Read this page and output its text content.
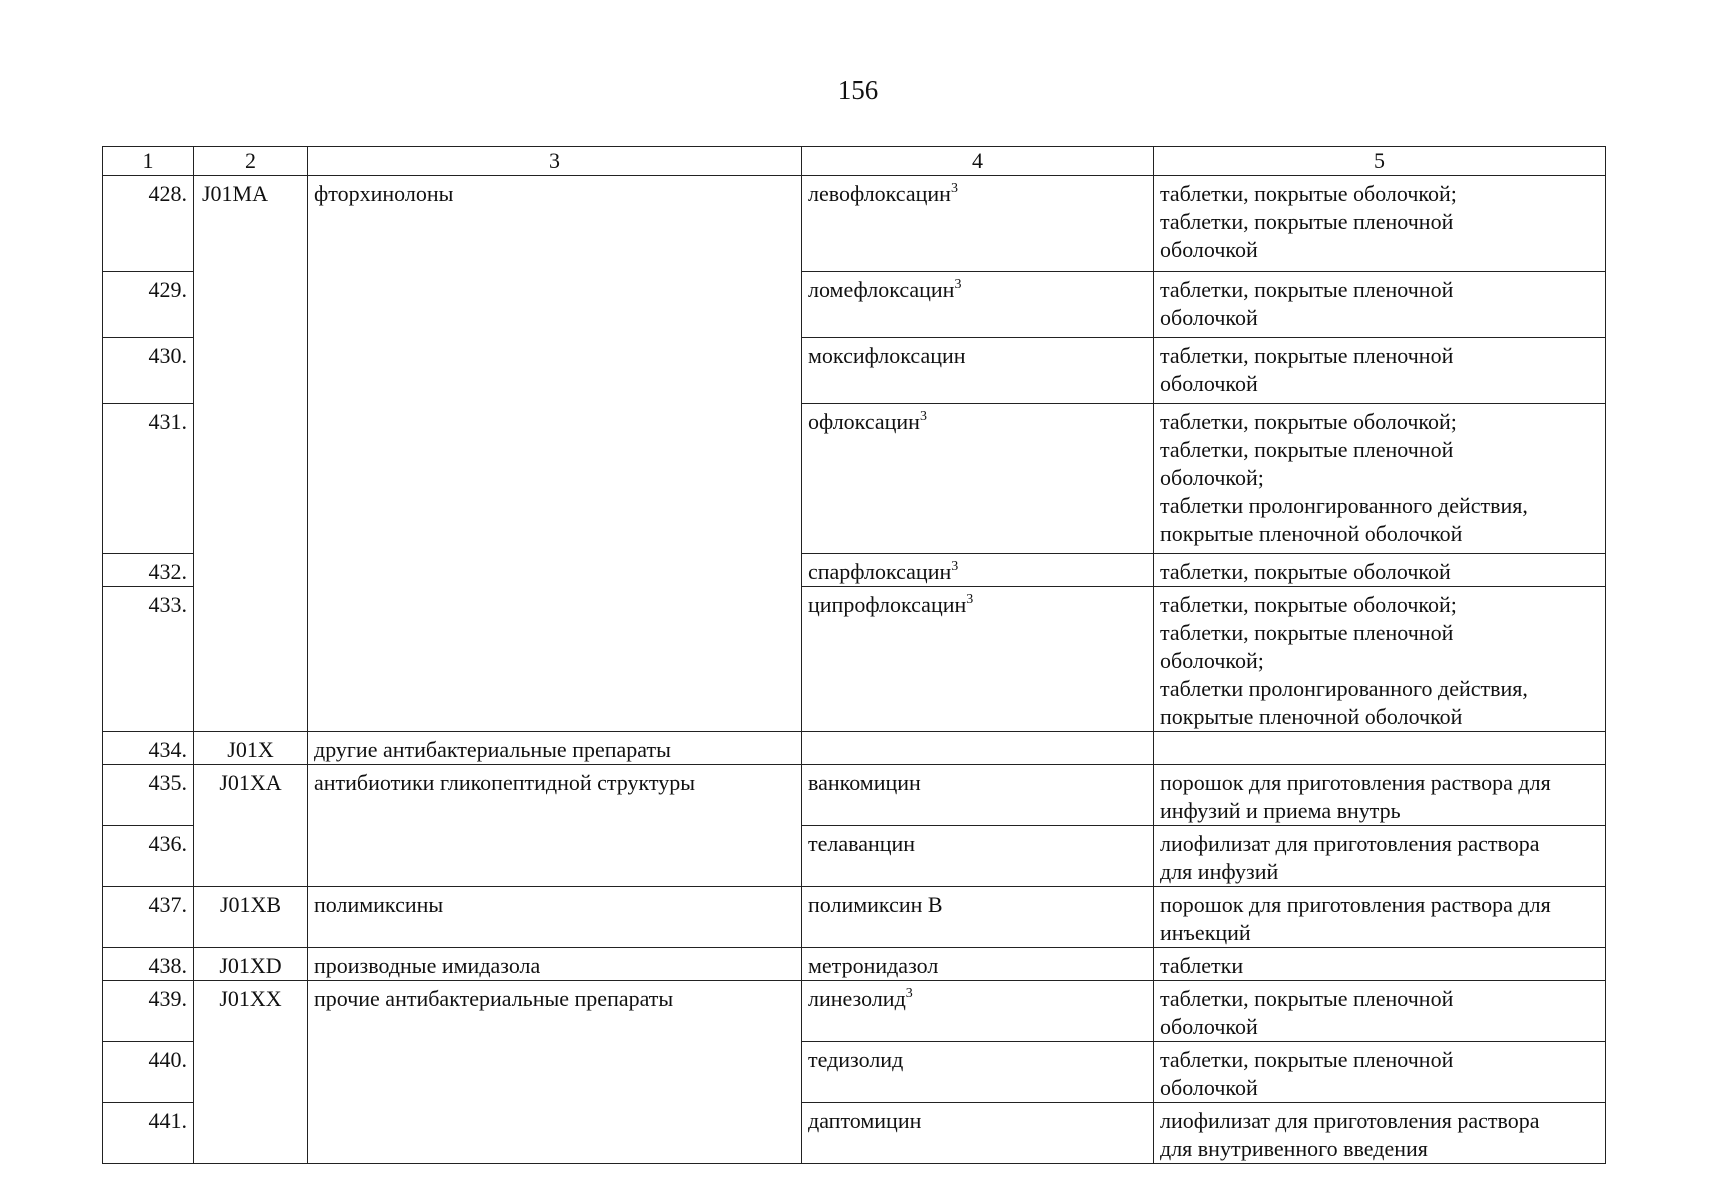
156
1	2	3	4	5
428.	J01MA	фторхинолоны	левофлоксацин$^3$	таблетки, покрытые оболочкой;
таблетки, покрытые пленочной
оболочкой

429.			ломефлоксацин$^3$	таблетки, покрытые пленочной
оболочкой

430.			моксифлоксацин	таблетки, покрытые пленочной
оболочкой

431.			офлоксацин$^3$	таблетки, покрытые оболочкой;
таблетки, покрытые пленочной
оболочкой;
таблетки пролонгированного действия,
покрытые пленочной оболочкой

432.			спарфлоксацин$^3$	таблетки, покрытые оболочкой

433.			ципрофлоксацин$^3$	таблетки, покрытые оболочкой;
таблетки, покрытые пленочной
оболочкой;
таблетки пролонгированного действия,
покрытые пленочной оболочкой

434.	J01X	другие антибактериальные препараты		
435.	J01XA	антибиотики гликопептидной структуры	ванкомицин	порошок для приготовления раствора для
инфузий и приема внутрь

436.			телаванцин	лиофилизат для приготовления раствора
для инфузий

437.	J01XB	полимиксины	полимиксин В	порошок для приготовления раствора для
инъекций

438.	J01XD	производные имидазола	метронидазол	таблетки

439.	J01XX	прочие антибактериальные препараты	линезолид$^3$	таблетки, покрытые пленочной
оболочкой

440.			тедизолид	таблетки, покрытые пленочной
оболочкой

441.			даптомицин	лиофилизат для приготовления раствора
для внутривенного введения
